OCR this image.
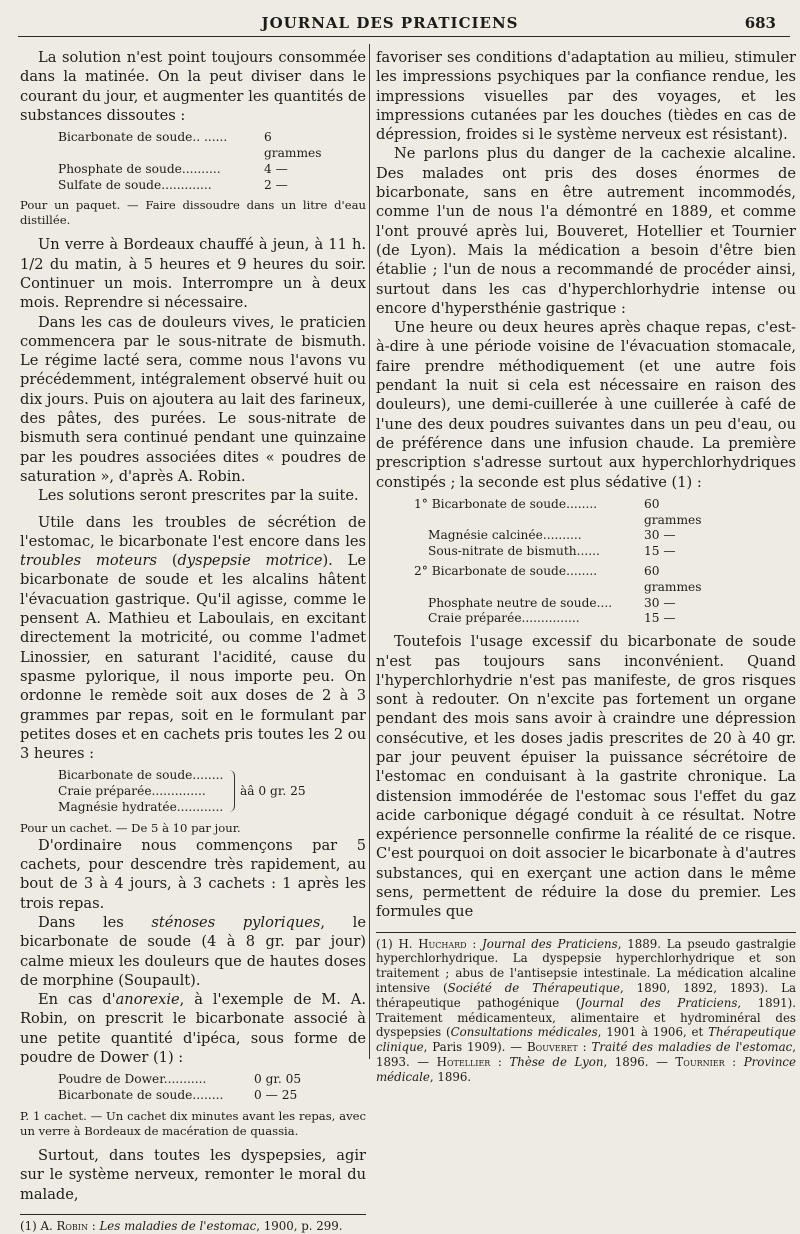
JOURNAL DES PRATICIENS	683

La solution n'est point toujours consommée dans la matinée. On la peut diviser dans le courant du jour, et augmenter les quantités de substances dissoutes :

Bicarbonate de soude.. ......	6 grammes
Phosphate de soude..........	4 —
Sulfate de soude.............	2 —

Pour un paquet. — Faire dissoudre dans un litre d'eau distillée.

Un verre à Bordeaux chauffé à jeun, à 11 h. 1/2 du matin, à 5 heures et 9 heures du soir. Continuer un mois. Interrompre un à deux mois. Reprendre si nécessaire.

Dans les cas de douleurs vives, le praticien commencera par le sous-nitrate de bismuth. Le régime lacté sera, comme nous l'avons vu précédemment, intégralement observé huit ou dix jours. Puis on ajoutera au lait des farineux, des pâtes, des purées. Le sous-nitrate de bismuth sera continué pendant une quinzaine par les poudres associées dites « poudres de saturation », d'après A. Robin.

Les solutions seront prescrites par la suite.

Utile dans les troubles de sécrétion de l'estomac, le bicarbonate l'est encore dans les troubles moteurs (dyspepsie motrice). Le bicarbonate de soude et les alcalins hâtent l'évacuation gastrique. Qu'il agisse, comme le pensent A. Mathieu et Laboulais, en excitant directement la motricité, ou comme l'admet Linossier, en saturant l'acidité, cause du spasme pylorique, il nous importe peu. On ordonne le remède soit aux doses de 2 à 3 grammes par repas, soit en le formulant par petites doses et en cachets pris toutes les 2 ou 3 heures :

Bicarbonate de soude........
Craie préparée..............	àâ 0 gr. 25
Magnésie hydratée............

Pour un cachet. — De 5 à 10 par jour.

D'ordinaire nous commençons par 5 cachets, pour descendre très rapidement, au bout de 3 à 4 jours, à 3 cachets : 1 après les trois repas.

Dans les sténoses pyloriques, le bicarbonate de soude (4 à 8 gr. par jour) calme mieux les douleurs que de hautes doses de morphine (Soupault).

En cas d'anorexie, à l'exemple de M. A. Robin, on prescrit le bicarbonate associé à une petite quantité d'ipéca, sous forme de poudre de Dower (1) :

Poudre de Dower...........	0 gr. 05
Bicarbonate de soude........	0 — 25

P. 1 cachet. — Un cachet dix minutes avant les repas, avec un verre à Bordeaux de macération de quassia.

Surtout, dans toutes les dyspepsies, agir sur le système nerveux, remonter le moral du malade,

(1) A. Robin : Les maladies de l'estomac, 1900, p. 299.

favoriser ses conditions d'adaptation au milieu, stimuler les impressions psychiques par la confiance rendue, les impressions visuelles par des voyages, et les impressions cutanées par les douches (tièdes en cas de dépression, froides si le système nerveux est résistant).

Ne parlons plus du danger de la cachexie alcaline. Des malades ont pris des doses énormes de bicarbonate, sans en être autrement incommodés, comme l'un de nous l'a démontré en 1889, et comme l'ont prouvé après lui, Bouveret, Hotellier et Tournier (de Lyon). Mais la médication a besoin d'être bien établie ; l'un de nous a recommandé de procéder ainsi, surtout dans les cas d'hyperchlorhydrie intense ou encore d'hypersthénie gastrique :

Une heure ou deux heures après chaque repas, c'est-à-dire à une période voisine de l'évacuation stomacale, faire prendre méthodiquement (et une autre fois pendant la nuit si cela est nécessaire en raison des douleurs), une demi-cuillerée à une cuillerée à café de l'une des deux poudres suivantes dans un peu d'eau, ou de préférence dans une infusion chaude. La première prescription s'adresse surtout aux hyperchlorhydriques constipés ; la seconde est plus sédative (1) :

1° Bicarbonate de soude........	60 grammes
Magnésie calcinée..........	30 —
Sous-nitrate de bismuth......	15 —
2° Bicarbonate de soude........	60 grammes
Phosphate neutre de soude....	30 —
Craie préparée...............	15 —

Toutefois l'usage excessif du bicarbonate de soude n'est pas toujours sans inconvénient. Quand l'hyperchlorhydrie n'est pas manifeste, de gros risques sont à redouter. On n'excite pas fortement un organe pendant des mois sans avoir à craindre une dépression consécutive, et les doses jadis prescrites de 20 à 40 gr. par jour peuvent épuiser la puissance sécrétoire de l'estomac en conduisant à la gastrite chronique. La distension immodérée de l'estomac sous l'effet du gaz acide carbonique dégagé conduit à ce résultat. Notre expérience personnelle confirme la réalité de ce risque. C'est pourquoi on doit associer le bicarbonate à d'autres substances, qui en exerçant une action dans le même sens, permettent de réduire la dose du premier. Les formules que

(1) H. Huchard : Journal des Praticiens, 1889. La pseudo gastralgie hyperchlorhydrique. La dyspepsie hyperchlorhydrique et son traitement ; abus de l'antisepsie intestinale. La médication alcaline intensive (Société de Thérapeutique, 1890, 1892, 1893). La thérapeutique pathogénique (Journal des Praticiens, 1891). Traitement médicamenteux, alimentaire et hydrominéral des dyspepsies (Consultations médicales, 1901 à 1906, et Thérapeutique clinique, Paris 1909). — Bouveret : Traité des maladies de l'estomac, 1893. — Hotellier : Thèse de Lyon, 1896. — Tournier : Province médicale, 1896.
